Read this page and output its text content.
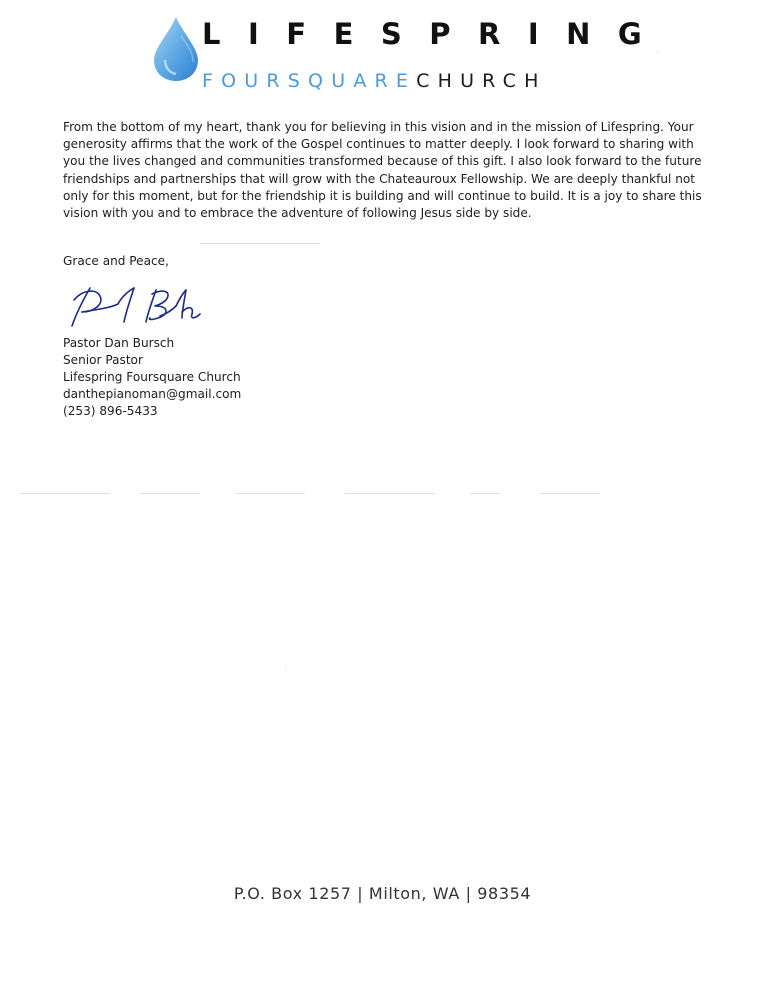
LIFESPRING
FOURSQUARECHURCH

From the bottom of my heart, thank you for believing in this vision and in the mission of Lifespring. Your generosity affirms that the work of the Gospel continues to matter deeply. I look forward to sharing with you the lives changed and communities transformed because of this gift. I also look forward to the future friendships and partnerships that will grow with the Chateauroux Fellowship. We are deeply thankful not only for this moment, but for the friendship it is building and will continue to build. It is a joy to share this vision with you and to embrace the adventure of following Jesus side by side.

Grace and Peace,
Pastor Dan Bursch
Senior Pastor
Lifespring Foursquare Church
danthepianoman@gmail.com
(253) 896-5433
P.O. Box 1257 | Milton, WA | 98354
